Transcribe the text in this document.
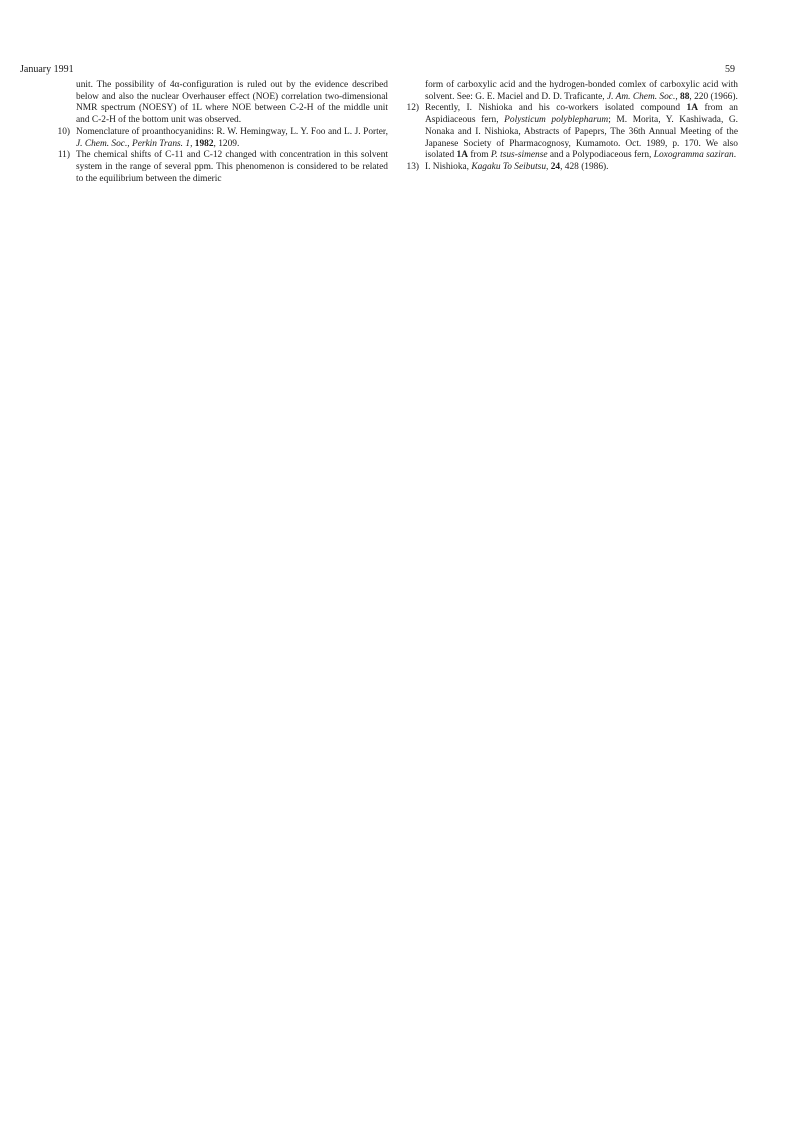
January 1991	59
unit. The possibility of 4α-configuration is ruled out by the evidence described below and also the nuclear Overhauser effect (NOE) correlation two-dimensional NMR spectrum (NOESY) of 1L where NOE between C-2-H of the middle unit and C-2-H of the bottom unit was observed.
10) Nomenclature of proanthocyanidins: R. W. Hemingway, L. Y. Foo and L. J. Porter, J. Chem. Soc., Perkin Trans. 1, 1982, 1209.
11) The chemical shifts of C-11 and C-12 changed with concentration in this solvent system in the range of several ppm. This phenomenon is considered to be related to the equilibrium between the dimeric
form of carboxylic acid and the hydrogen-bonded comlex of carboxylic acid with solvent. See: G. E. Maciel and D. D. Traficante, J. Am. Chem. Soc., 88, 220 (1966).
12) Recently, I. Nishioka and his co-workers isolated compound 1A from an Aspidiaceous fern, Polysticum polyblepharum; M. Morita, Y. Kashiwada, G. Nonaka and I. Nishioka, Abstracts of Papeprs, The 36th Annual Meeting of the Japanese Society of Pharmacognosy, Kumamoto. Oct. 1989, p. 170. We also isolated 1A from P. tsus-simense and a Polypodiaceous fern, Loxogramma saziran.
13) I. Nishioka, Kagaku To Seibutsu, 24, 428 (1986).
